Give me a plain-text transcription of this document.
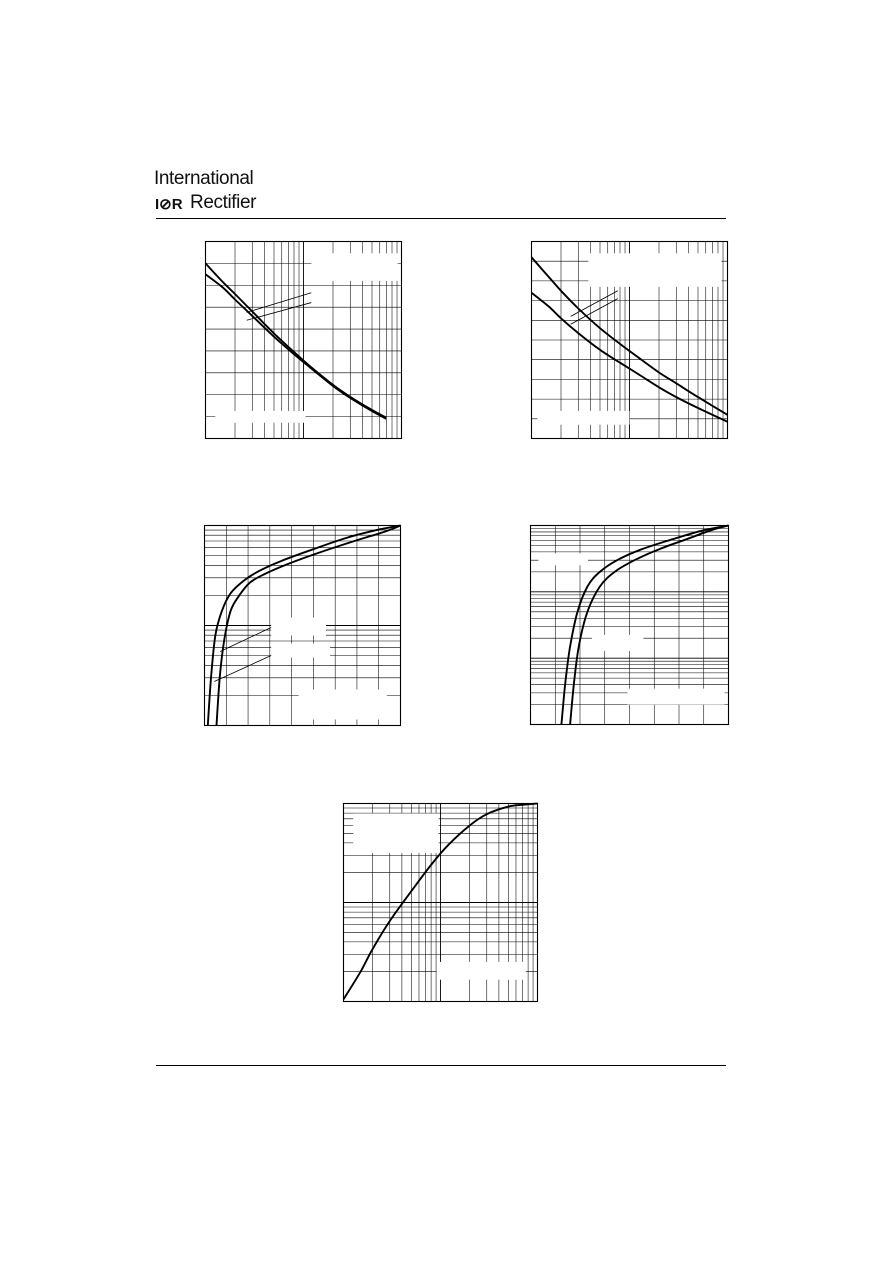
International
I⊘R Rectifier
